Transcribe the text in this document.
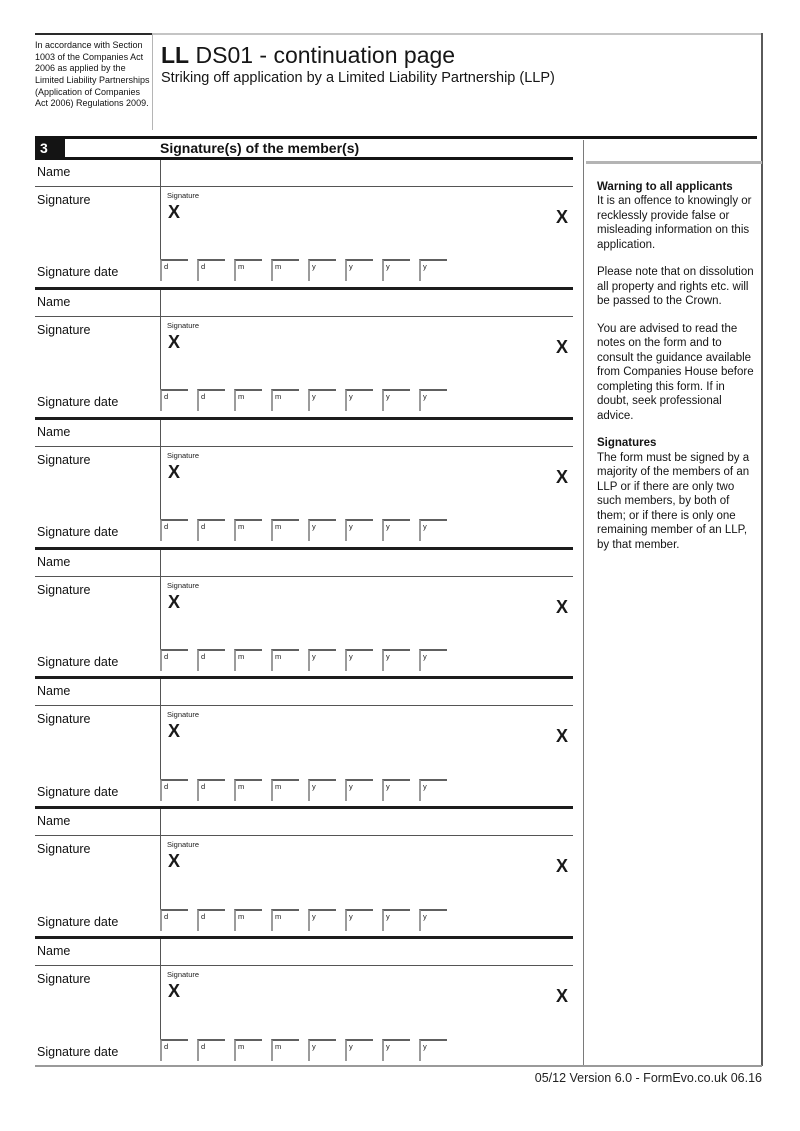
In accordance with Section 1003 of the Companies Act 2006 as applied by the Limited Liability Partnerships (Application of Companies Act 2006) Regulations 2009.
LL DS01 - continuation page
Striking off application by a Limited Liability Partnership (LLP)
3	Signature(s) of the member(s)
Name
Signature	Signature
X	X
Signature date	d	d	m	m	y	y	y	y
Name
Signature	Signature
X	X
Signature date	d	d	m	m	y	y	y	y
Name
Signature	Signature
X	X
Signature date	d	d	m	m	y	y	y	y
Name
Signature	Signature
X	X
Signature date	d	d	m	m	y	y	y	y
Name
Signature	Signature
X	X
Signature date	d	d	m	m	y	y	y	y
Name
Signature	Signature
X	X
Signature date	d	d	m	m	y	y	y	y
Name
Signature	Signature
X	X
Signature date	d	d	m	m	y	y	y	y
Warning to all applicants

It is an offence to knowingly or recklessly provide false or misleading information on this application.

Please note that on dissolution all property and rights etc. will be passed to the Crown.

You are advised to read the notes on the form and to consult the guidance available from Companies House before completing this form. If in doubt, seek professional advice.

Signatures

The form must be signed by a majority of the members of an LLP or if there are only two such members, by both of them; or if there is only one remaining member of an LLP, by that member.

05/12 Version 6.0 - FormEvo.co.uk 06.16
